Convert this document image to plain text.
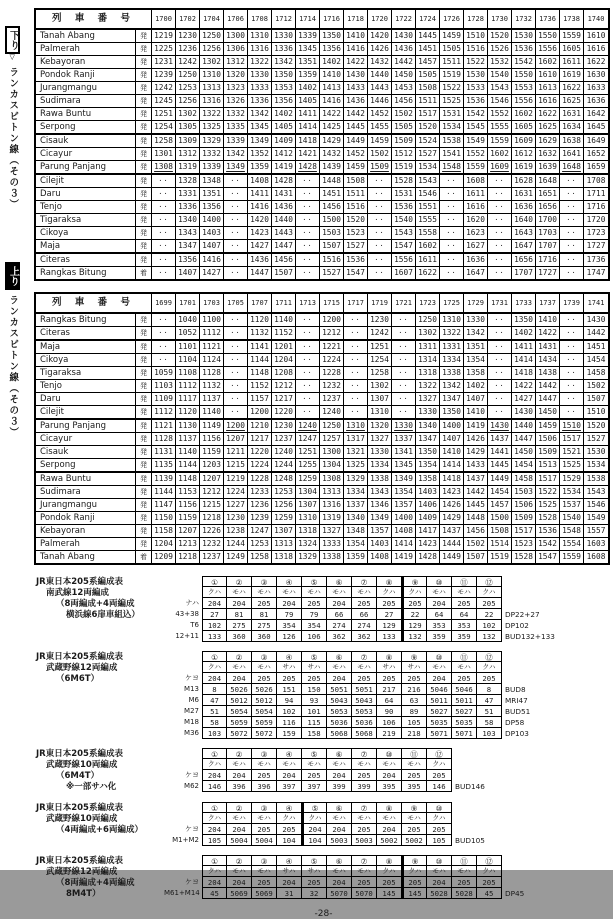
下り
▽
ランカスビトン線（その３）
上り
ランカスビトン線（その３）
列 車 番 号	1700	1702	1704	1706	1708	1712	1714	1716	1718	1720	1722	1724	1726	1728	1730	1732	1736	1738	1740
Tanah Abang	発 1219 1230 1250 1300 1310 1330 1339 1350 1410 1420 1430 1445 1459 1510 1520 1530 1550 1559 1610
Palmerah	発 1225 1236 1256 1306 1316 1336 1345 1356 1416 1426 1436 1451 1505 1516 1526 1536 1556 1605 1616
Kebayoran	発 1231 1242 1302 1312 1322 1342 1351 1402 1422 1432 1442 1457 1511 1522 1532 1542 1602 1611 1622
Pondok Ranji	発 1239 1250 1310 1320 1330 1350 1359 1410 1430 1440 1450 1505 1519 1530 1540 1550 1610 1619 1630
Jurangmangu	発 1242 1253 1313 1323 1333 1353 1402 1413 1433 1443 1453 1508 1522 1533 1543 1553 1613 1622 1633
Sudimara	発 1245 1256 1316 1326 1336 1356 1405 1416 1436 1446 1456 1511 1525 1536 1546 1556 1616 1625 1636
Rawa Buntu	発 1251 1302 1322 1332 1342 1402 1411 1422 1442 1452 1502 1517 1531 1542 1552 1602 1622 1631 1642
Serpong	発 1254 1305 1325 1335 1345 1405 1414 1425 1445 1455 1505 1520 1534 1545 1555 1605 1625 1634 1645
Cisauk	発 1258 1309 1329 1339 1349 1409 1418 1429 1449 1459 1509 1524 1538 1549 1559 1609 1629 1638 1649
Cicayur	発 1301 1312 1332 1342 1352 1412 1421 1432 1452 1502 1512 1527 1541 1552 1602 1612 1632 1641 1652
Parung Panjang	発 1308 1319 1339 1349 1359 1419 1428 1439 1459 1509 1519 1534 1548 1559 1609 1619 1639 1648 1659
Cilejit	発	··	1328 1348	··	1408 1428	··	1448 1508	··	1528 1543	··	1608	··	1628 1648	··	1708
Daru	発	··	1331 1351	··	1411 1431	··	1451 1511	··	1531 1546	··	1611	··	1631 1651	··	1711
Tenjo	発	··	1336 1356	··	1416 1436	··	1456 1516	··	1536 1551	··	1616	··	1636 1656	··	1716
Tigaraksa	発	··	1340 1400	··	1420 1440	··	1500 1520	··	1540 1555	··	1620	··	1640 1700	··	1720
Cikoya	発	··	1343 1403	··	1423 1443	··	1503 1523	··	1543 1558	··	1623	··	1643 1703	··	1723
Maja	発	··	1347 1407	··	1427 1447	··	1507 1527	··	1547 1602	··	1627	··	1647 1707	··	1727
Citeras	発	··	1356 1416	··	1436 1456	··	1516 1536	··	1556 1611	··	1636	··	1656 1716	··	1736
Rangkas Bitung	着	··	1407 1427	··	1447 1507	··	1527 1547	··	1607 1622	··	1647	··	1707 1727	··	1747
列 車 番 号	1699	1701	1703	1705	1707	1711	1713	1715	1717	1719	1721	1723	1725	1729	1731	1733	1737	1739	1741
Rangkas Bitung	発	··	1040 1100	··	1120 1140	··	1200	··	1230	··	1250 1310 1330	··	1350 1410	··	1430
Citeras	発	··	1052 1112	··	1132 1152	··	1212	··	1242	··	1302 1322 1342	··	1402 1422	··	1442
Maja	発	··	1101 1121	··	1141 1201	··	1221	··	1251	··	1311 1331 1351	··	1411 1431	··	1451
Cikoya	発	··	1104 1124	··	1144 1204	··	1224	··	1254	··	1314 1334 1354	··	1414 1434	··	1454
Tigaraksa	発 1059 1108 1128	··	1148 1208	··	1228	··	1258	··	1318 1338 1358	··	1418 1438	··	1458
Tenjo	発 1103 1112 1132	··	1152 1212	··	1232	··	1302	··	1322 1342 1402	··	1422 1442	··	1502
Daru	発 1109 1117 1137	··	1157 1217	··	1237	··	1307	··	1327 1347 1407	··	1427 1447	··	1507
Cilejit	発 1112 1120 1140	··	1200 1220	··	1240	··	1310	··	1330 1350 1410	··	1430 1450	··	1510
Parung Panjang	発 1121 1130 1149 1200 1210 1230 1240 1250 1310 1320 1330 1340 1400 1419 1430 1440 1459 1510 1520
Cicayur	発 1128 1137 1156 1207 1217 1237 1247 1257 1317 1327 1337 1347 1407 1426 1437 1447 1506 1517 1527
Cisauk	発 1131 1140 1159 1211 1220 1240 1251 1300 1321 1330 1341 1350 1410 1429 1441 1450 1509 1521 1530
Serpong	発 1135 1144 1203 1215 1224 1244 1255 1304 1325 1334 1345 1354 1414 1433 1445 1454 1513 1525 1534
Rawa Buntu	発 1139 1148 1207 1219 1228 1248 1259 1308 1329 1338 1349 1358 1418 1437 1449 1458 1517 1529 1538
Sudimara	発 1144 1153 1212 1224 1233 1253 1304 1313 1334 1343 1354 1403 1423 1442 1454 1503 1522 1534 1543
Jurangmangu	発 1147 1156 1215 1227 1236 1256 1307 1316 1337 1346 1357 1406 1426 1445 1457 1506 1525 1537 1546
Pondok Ranji	発 1150 1159 1218 1230 1239 1259 1310 1319 1340 1349 1400 1409 1429 1448 1500 1509 1528 1540 1549
Kebayoran	発 1158 1207 1226 1238 1247 1307 1318 1327 1348 1357 1408 1417 1437 1456 1508 1517 1536 1548 1557
Palmerah	発 1204 1213 1232 1244 1253 1313 1324 1333 1354 1403 1414 1423 1444 1502 1514 1523 1542 1554 1603
Tanah Abang	着 1209 1218 1237 1249 1258 1318 1329 1338 1359 1408 1419 1428 1449 1507 1519 1528 1547 1559 1608
JR東日本205系編成表
南武線12両編成
（8両編成+4両編成
横浜線6扉車組込）
①	②	③	④	⑤	⑥	⑦	⑧	⑨	⑩	⑪	⑫
クハ	モハ	モハ	モハ	モハ	モハ	モハ	クハ	クハ	モハ	モハ	クハ
ナハ	204	204	205	204	205	204	205	205	205	204	205	205
43+38	27	81	81	79	79	66	66	27	22	64	64	22	DP22+27
T6	102	275	275	354	354	274	274	129	129	353	353	102	DP102
12+11	133	360	360	126	106	362	362	133	132	359	359	132	BUD132+133
JR東日本205系編成表
武蔵野線12両編成
（6M6T）
①	②	③	④	⑤	⑥	⑦	⑧	⑨	⑩	⑪	⑫
クハ	モハ	モハ	サハ	サハ	モハ	モハ	サハ	サハ	モハ	モハ	クハ
ケヨ	204	204	205	205	205	204	205	205	205	204	205	205
M13	8	5026	5026	151	150	5051	5051	217	216	5046	5046	8	BUD8
M6	47	5012	5012	94	93	5043	5043	64	63	5011	5011	47	MRI47
M27	51	5054	5054	102	101	5053	5053	90	89	5027	5027	51	BUD51
M18	58	5059	5059	116	115	5036	5036	106	105	5035	5035	58	DP58
M36	103	5072	5072	159	158	5068	5068	219	218	5071	5071	103	DP103
JR東日本205系編成表
武蔵野線10両編成
（6M4T）
※一部サハ化
①	②	③	④	⑤	⑥	⑦	⑩	⑪	⑫
クハ	モハ	モハ	モハ	モハ	モハ	モハ	モハ	モハ	クハ
ケヨ	204	204	205	204	205	204	205	204	205	205
M62	146	396	396	397	397	399	399	395	395	146	BUD146
JR東日本205系編成表
武蔵野線10両編成
（4両編成+6両編成）
①	②	③	④	⑤	⑥	⑦	⑧	⑨	⑩
クハ	モハ	モハ	クハ	クハ	モハ	モハ	モハ	モハ	クハ
ケヨ	204	204	205	205	204	204	205	204	205	205
M1+M2	105	5004	5004	104	104	5003	5003	5002	5002	105	BUD105
JR東日本205系編成表
武蔵野線12両編成
（8両編成+4両編成
8M4T）
①	②	③	④	⑤	⑥	⑦	⑧	⑨	⑩	⑪	⑫
クハ	モハ	モハ	サハ	サハ	モハ	モハ	クハ	クハ	モハ	モハ	クハ
ケヨ	204	204	205	204	205	204	205	205	205	204	205	205
M61+M14	45	5069	5069	31	32	5070	5070	145	145	5028	5028	45	DP45
-28-
